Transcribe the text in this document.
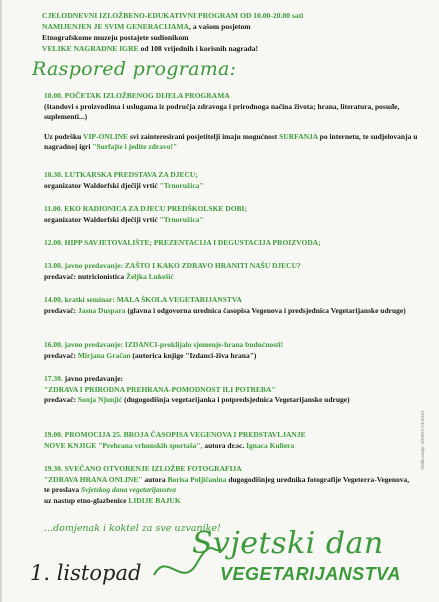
CJELODNEVNI IZLOŽBENO-EDUKATIVNI PROGRAM OD 10.00-20.00 sati
NAMIJENJEN JE SVIM GENERACIJAMA, a vašom posjetom
Etnografskome muzeju postajete sudionikom
VELIKE NAGRADNE IGRE od 108 vrijednih i korisnih nagrada!
Raspored programa:
10.00. POČETAK IZLOŽBENOG DIJELA PROGRAMA
(štandovi s proizvodima i uslugama iz područja zdravoga i prirodnoga načina života; hrana, literatura, posuđe, suplementi...)
Uz podršku VIP-ONLINE svi zainteresirani posjetitelji imaju mogućnost SURFANJA po internetu, te sudjelovanja u nagradnoj igri "Surfajte i jedite zdravo!"
10.30. LUTKARSKA PREDSTAVA ZA DJECU;
organizator Waldorfski dječiji vrtić "Trnoružica"
11.00. EKO RADIONICA ZA DJECU PREDŠKOLSKE DOBI;
organizator Waldorfski dječiji vrtić "Trnoružica"
12.00. HIPP SAVJETOVALIŠTE; PREZENTACIJA I DEGUSTACIJA PROIZVODA;
13.00. javno predavanje: ZAŠTO I KAKO ZDRAVO HRANITI NAŠU DJECU?
predavač: nutricionistica Željka Lukešić
14.00. kratki seminar: MALA ŠKOLA VEGETARIJANSTVA
predavač: Jasna Duspara (glavna i odgovorna urednica časopisa Vegenova i predsjednica Vegetarijanske udruge)
16.00. javno predavanje: IZDANCI-proklijalo sjemenje-hrana budućnosti!
predavač: Mirjana Gračan (autorica knjige "Izdanci-živa hrana")
17.30. javno predavanje:
"ZDRAVA I PRIRODNA PREHRANA-POMODNOST ILI POTREBA"
predavač: Sonja Njunjić (dugogodišnja vegetarijanka i potpredsjednica Vegetarijanske udruge)
19.00. PROMOCIJA 25. BROJA ČASOPISA VEGENOVA I PREDSTAVLJANJE
NOVE KNJIGE "Prehrana vrhunskih sportaša", autora dr.sc. Ignaca Kuliera
19.30. SVEČANO OTVORENJE IZLOŽBE FOTOGRAFIJA
"ZDRAVA HRANA ONLINE" autora Borisa Poljičanina dugogodišnjeg urednika fotografije Vegeterra-Vegenova, te proslava Svjetskog dana vegetarijanstva
uz nastup etno-glazbenice LIDIJE BAJUK
...domjenak i koktel za sve uzvanike!
1. listopad
Svjetski dan
VEGETARIJANSTVA
Oblikovanje: IZMIRA DESIGN
